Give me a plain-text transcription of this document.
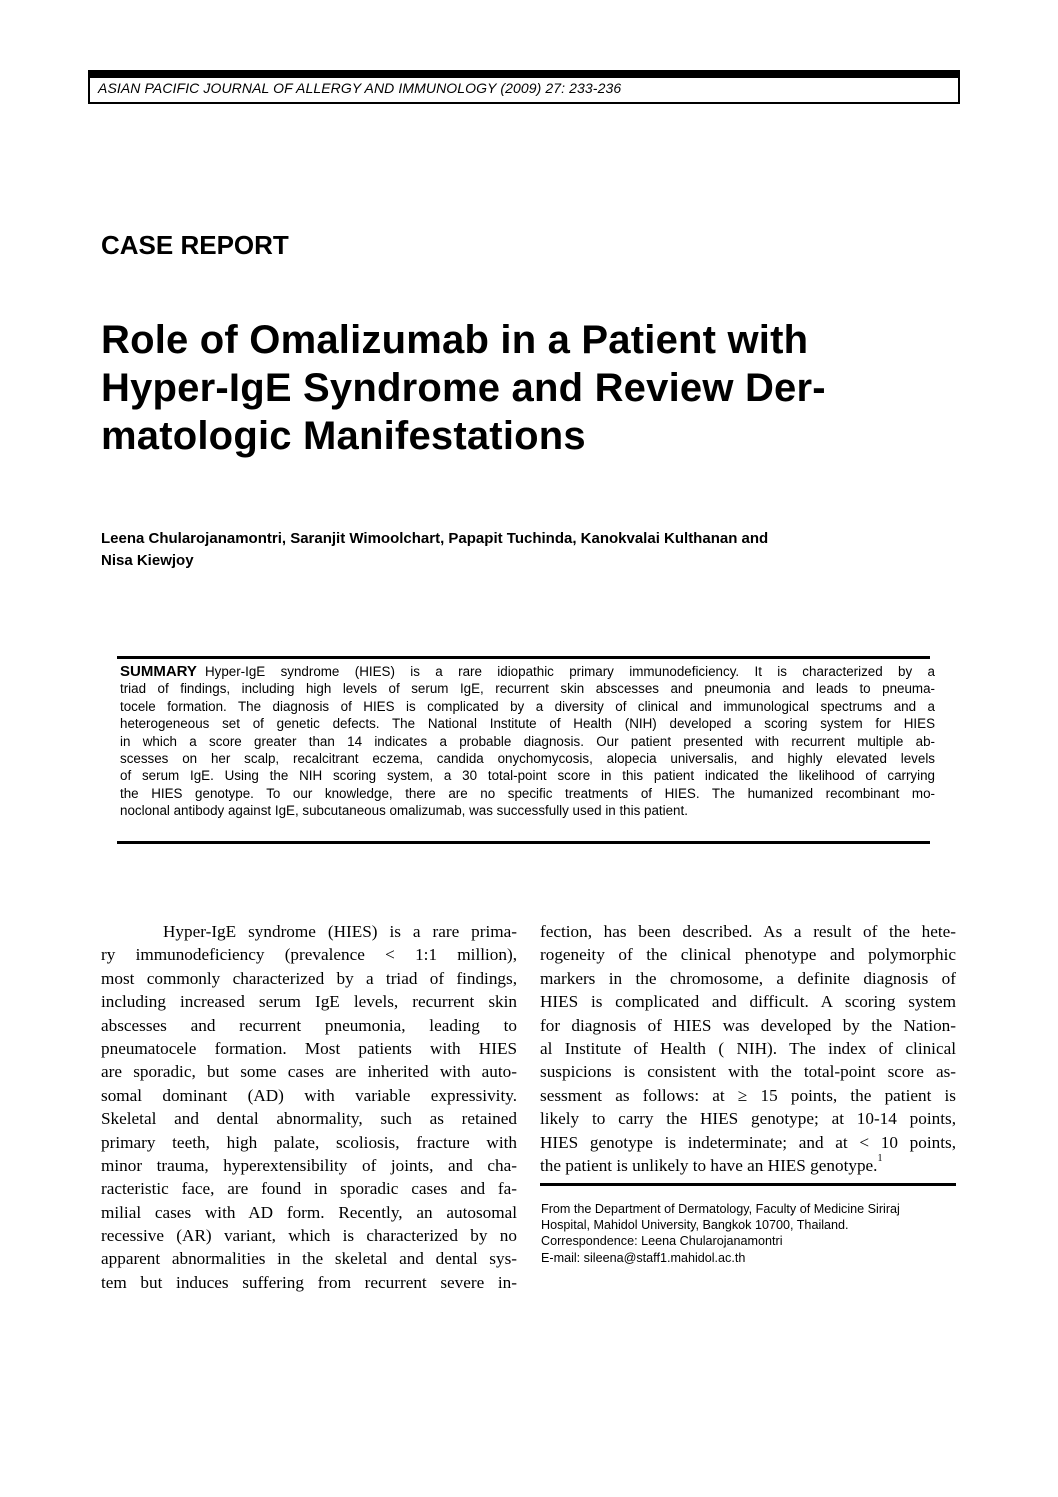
ASIAN PACIFIC JOURNAL OF ALLERGY AND IMMUNOLOGY (2009) 27: 233-236
CASE REPORT
Role of Omalizumab in a Patient with
Hyper-IgE Syndrome and Review Der-
matologic Manifestations
Leena Chularojanamontri, Saranjit Wimoolchart, Papapit Tuchinda, Kanokvalai Kulthanan and
Nisa Kiewjoy
SUMMARY Hyper-IgE syndrome (HIES) is a rare idiopathic primary immunodeficiency. It is characterized by a
triad of findings, including high levels of serum IgE, recurrent skin abscesses and pneumonia and leads to pneuma-
tocele formation. The diagnosis of HIES is complicated by a diversity of clinical and immunological spectrums and a
heterogeneous set of genetic defects. The National Institute of Health (NIH) developed a scoring system for HIES
in which a score greater than 14 indicates a probable diagnosis. Our patient presented with recurrent multiple ab-
scesses on her scalp, recalcitrant eczema, candida onychomycosis, alopecia universalis, and highly elevated levels
of serum IgE. Using the NIH scoring system, a 30 total-point score in this patient indicated the likelihood of carrying
the HIES genotype. To our knowledge, there are no specific treatments of HIES. The humanized recombinant mo-
noclonal antibody against IgE, subcutaneous omalizumab, was successfully used in this patient.
Hyper-IgE syndrome (HIES) is a rare prima-
ry immunodeficiency (prevalence < 1:1 million),
most commonly characterized by a triad of findings,
including increased serum IgE levels, recurrent skin
abscesses and recurrent pneumonia, leading to
pneumatocele formation. Most patients with HIES
are sporadic, but some cases are inherited with auto-
somal dominant (AD) with variable expressivity.
Skeletal and dental abnormality, such as retained
primary teeth, high palate, scoliosis, fracture with
minor trauma, hyperextensibility of joints, and cha-
racteristic face, are found in sporadic cases and fa-
milial cases with AD form. Recently, an autosomal
recessive (AR) variant, which is characterized by no
apparent abnormalities in the skeletal and dental sys-
tem but induces suffering from recurrent severe in-
fection, has been described. As a result of the hete-
rogeneity of the clinical phenotype and polymorphic
markers in the chromosome, a definite diagnosis of
HIES is complicated and difficult. A scoring system
for diagnosis of HIES was developed by the Nation-
al Institute of Health ( NIH). The index of clinical
suspicions is consistent with the total-point score as-
sessment as follows: at ≥ 15 points, the patient is
likely to carry the HIES genotype; at 10-14 points,
HIES genotype is indeterminate; and at < 10 points,
the patient is unlikely to have an HIES genotype.$^1$
From the Department of Dermatology, Faculty of Medicine Siriraj
Hospital, Mahidol University, Bangkok 10700, Thailand.
Correspondence: Leena Chularojanamontri
E-mail: sileena@staff1.mahidol.ac.th
